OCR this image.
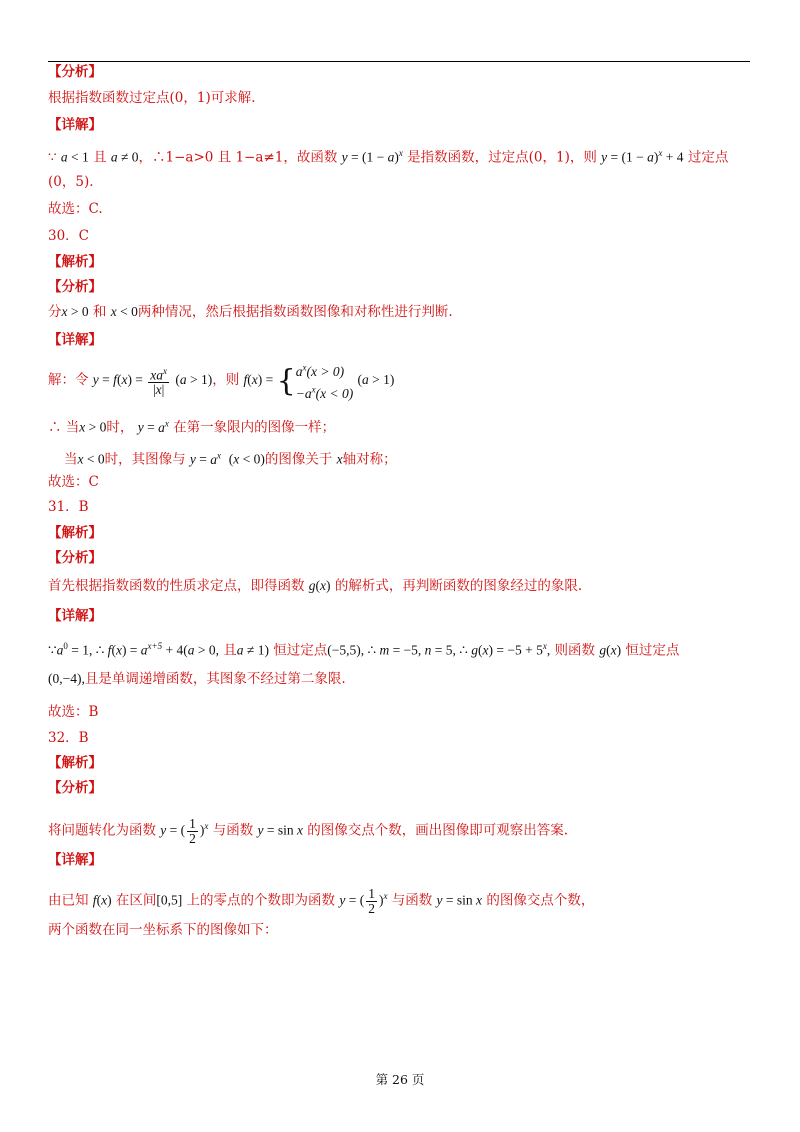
【分析】
根据指数函数过定点(0，1)可求解.
【详解】
∵ a < 1 且 a ≠ 0，∴1−a>0 且 1−a≠1，故函数 $y = (1 - a)^x$ 是指数函数，过定点(0，1)，则 $y = (1 - a)^x + 4$ 过定点
(0，5).
故选：C.
30．C
【解析】
【分析】
分x > 0 和 x < 0两种情况，然后根据指数函数图像和对称性进行判断.
【详解】
解：令 $y = f(x) = \frac{xa^x}{|x|} (a > 1)$，则 $f(x) = \{a^x(x > 0)$
$-a^x(x < 0) (a > 1)$
∴ 当x > 0时， $y = a^x$ 在第一象限内的图像一样；
当x < 0时，其图像与 $y = a^x$  (x < 0)的图像关于 x轴对称；
故选：C
31．B
【解析】
【分析】
首先根据指数函数的性质求定点，即得函数 g(x) 的解析式，再判断函数的图象经过的象限.
【详解】
$\because a^0 = 1$, ∴ $f(x) = a^{x+5} + 4(a > 0$, 且a ≠ 1) 恒过定点(−5,5), ∴ m = −5, n = 5, ∴ $g(x) = -5 + 5^x$, 则函数 g(x) 恒过定点
(0,−4),且是单调递增函数，其图象不经过第二象限.
故选：B
32．B
【解析】
【分析】
将问题转化为函数 y = ( $\frac{1}{2} )^x$ 与函数 y = sin x 的图像交点个数，画出图像即可观察出答案.
【详解】
由已知 f(x) 在区间[0,5] 上的零点的个数即为函数 y = ( $\frac{1}{2} )^x$ 与函数 y = sin x 的图像交点个数，
两个函数在同一坐标系下的图像如下：
第 26 页
